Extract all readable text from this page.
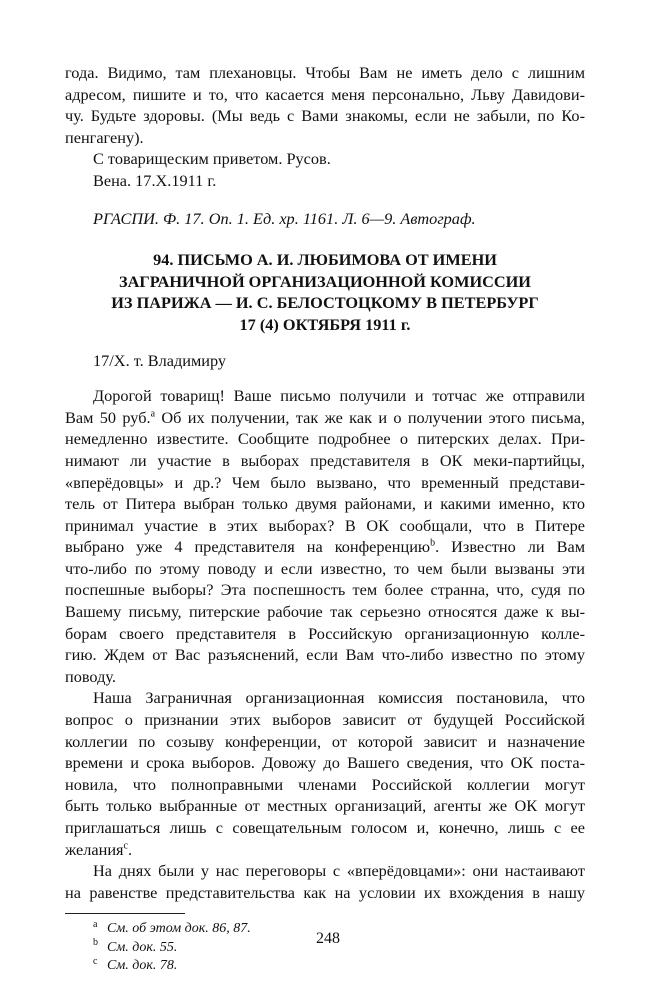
года. Видимо, там плехановцы. Чтобы Вам не иметь дело с лишним
адресом, пишите и то, что касается меня персонально, Льву Давидови-
чу. Будьте здоровы. (Мы ведь с Вами знакомы, если не забыли, по Ко-
пенгагену).
С товарищеским приветом. Русов.
Вена. 17.X.1911 г.
РГАСПИ. Ф. 17. Оп. 1. Ед. хр. 1161. Л. 6—9. Автограф.
94. ПИСЬМО А. И. ЛЮБИМОВА ОТ ИМЕНИ
ЗАГРАНИЧНОЙ ОРГАНИЗАЦИОННОЙ КОМИССИИ
ИЗ ПАРИЖА — И. С. БЕЛОСТОЦКОМУ В ПЕТЕРБУРГ
17 (4) ОКТЯБРЯ 1911 г.
17/X. т. Владимиру
Дорогой товарищ! Ваше письмо получили и тотчас же отправили
Вам 50 руб.$^a$ Об их получении, так же как и о получении этого письма,
немедленно известите. Сообщите подробнее о питерских делах. При-
нимают ли участие в выборах представителя в ОК меки-партийцы,
«вперёдовцы» и др.? Чем было вызвано, что временный представи-
тель от Питера выбран только двумя районами, и какими именно, кто
принимал участие в этих выборах? В ОК сообщали, что в Питере
выбрано уже 4 представителя на конференцию$^b$. Известно ли Вам
что-либо по этому поводу и если известно, то чем были вызваны эти
поспешные выборы? Эта поспешность тем более странна, что, судя по
Вашему письму, питерские рабочие так серьезно относятся даже к вы-
борам своего представителя в Российскую организационную колле-
гию. Ждем от Вас разъяснений, если Вам что-либо известно по этому
поводу.
Наша Заграничная организационная комиссия постановила, что
вопрос о признании этих выборов зависит от будущей Российской
коллегии по созыву конференции, от которой зависит и назначение
времени и срока выборов. Довожу до Вашего сведения, что ОК поста-
новила, что полноправными членами Российской коллегии могут
быть только выбранные от местных организаций, агенты же ОК могут
приглашаться лишь с совещательным голосом и, конечно, лишь с ее
желания$^c$.
На днях были у нас переговоры с «вперёдовцами»: они настаивают
на равенстве представительства как на условии их вхождения в нашу
a См. об этом док. 86, 87.
b См. док. 55.
c См. док. 78.
248
